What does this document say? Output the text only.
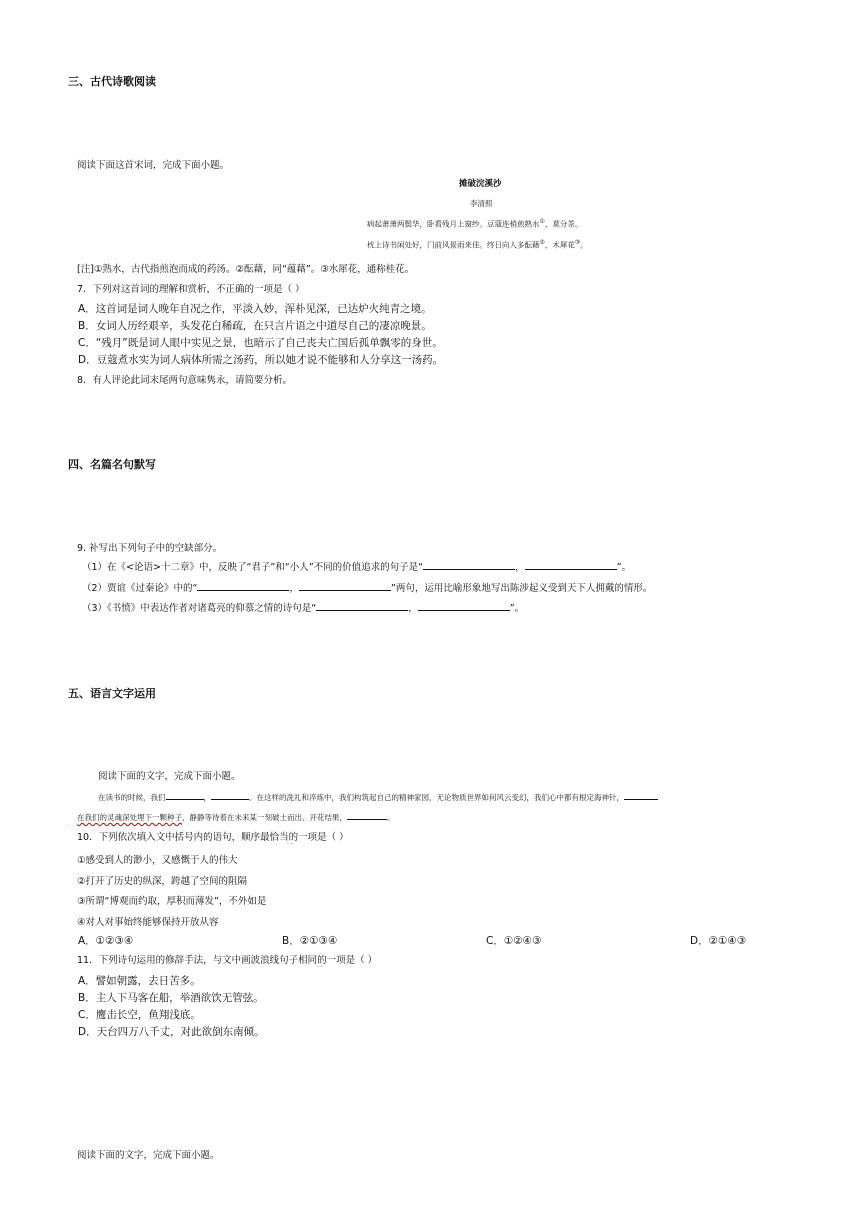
三、古代诗歌阅读
阅读下面这首宋词，完成下面小题。
摊破浣溪沙
李清照
病起萧萧两鬓华，卧看残月上窗纱。豆蔻连梢煎熟水①，莫分茶。
枕上诗书闲处好，门前风景雨来佳。终日向人多酝藉②，木犀花③。
[注]①熟水，古代指煎泡而成的药汤。②酝藉，同“蕴藉”。③水犀花，通称桂花。
7．下列对这首词的理解和赏析，不正确的一项是（ ）
A．这首词是词人晚年自况之作，平淡入妙，浑朴见深，已达炉火纯青之境。
B．女词人历经艰辛，头发花白稀疏，在只言片语之中道尽自己的凄凉晚景。
C．“残月”既是词人眼中实见之景，也暗示了自己丧夫亡国后孤单飘零的身世。
D．豆蔻煮水实为词人病体所需之汤药，所以她才说不能够和人分享这一汤药。
8．有人评论此词末尾两句意味隽永，请简要分析。
四、名篇名句默写
9. 补写出下列句子中的空缺部分。
（1）在《<论语>十二章》中，反映了“君子”和“小人”不同的价值追求的句子是“	，	”。
（2）贾谊《过秦论》中的“	，	”两句，运用比喻形象地写出陈涉起义受到天下人拥戴的情形。
（3）《书愤》中表达作者对诸葛亮的仰慕之情的诗句是“	，	”。
五、语言文字运用
阅读下面的文字，完成下面小题。
在读书的时候，我们	，	。在这样的洗礼和淬炼中，我们构筑起自己的精神家园，无论物质世界如何风云变幻，我们心中都有根定海神针，
在我们的灵魂深处埋下一颗种子，静静等待着在未来某一刻破土而出、开花结果，	。
10．下列依次填入文中括号内的语句，顺序最恰当的一项是（ ）
· ·
①感受到人的渺小，又感慨于人的伟大
②打开了历史的纵深，跨越了空间的阻隔
③所谓“博观而约取，厚积而薄发”，不外如是
④对人对事始终能够保持开放从容
A．①②③④	B．②①③④	C．①②④③	D．②①④③
11．下列诗句运用的修辞手法，与文中画波浪线句子相同的一项是（ ）
· ·
A．譬如朝露，去日苦多。
B．主人下马客在船，举酒欲饮无管弦。
C．鹰击长空，鱼翔浅底。
D．天台四万八千丈，对此欲倒东南倾。
阅读下面的文字，完成下面小题。
